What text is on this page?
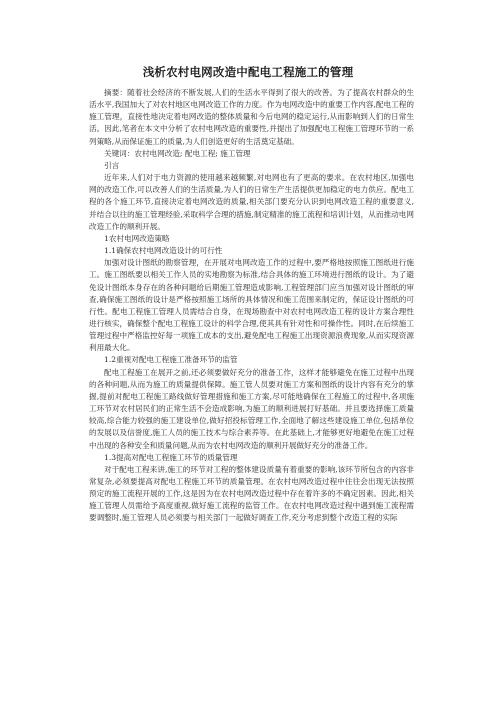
浅析农村电网改造中配电工程施工的管理

摘要：随着社会经济的不断发展,人们的生活水平得到了很大的改善。为了提高农村群众的生活水平,我国加大了对农村地区电网改造工作的力度。作为电网改造中的重要工作内容,配电工程的施工管理，直接性地决定着电网改造的整体质量和今后电网的稳定运行,从而影响到人们的日常生活。因此,笔者在本文中分析了农村电网改造的重要性,并提出了加强配电工程施工管理环节的一系列策略,从而保证施工的质量,为人们创造更好的生活奠定基础。

关键词：农村电网改造; 配电工程; 施工管理

引言

近年来,人们对于电力资源的使用越来越频繁,对电网也有了更高的要求。在农村地区,加强电网的改造工作,可以改善人们的生活质量,为人们的日常生产生活提供更加稳定的电力供应。配电工程的各个施工环节,直接决定着电网改造的质量,相关部门要充分认识到电网改造工程的重要意义,并结合以往的施工管理经验,采取科学合理的措施,制定精准的施工流程和培训计划，从而推动电网改造工作的顺利开展。

1农村电网改造策略

1.1确保农村电网改造设计的可行性

加强对设计图纸的勘察管理，在开展对电网改造工作的过程中,要严格地按照施工图纸进行施工。施工图纸要以相关工作人员的实地勘察为标准,结合具体的施工环境进行图纸的设计。为了避免设计图纸本身存在的各种问题给后期施工管理造成影响,工程管理部门应当加强对设计图纸的审查,确保施工图纸的设计是严格按照施工场所的具体情况和施工范围来制定的，保证设计图纸的可行性。配电工程施工管理人员需结合自身，在现场勘查中对农村电网改造工程的设计方案合理性进行核实，确保整个配电工程施工设计的科学合理,使其具有针对性和可操作性。同时,在后续施工管理过程中严格监控好每一项施工成本的支出,避免配电工程施工出现资源浪费现象,从而实现资源利用最大化。

1.2重视对配电工程施工准备环节的监管

配电工程施工在展开之前,还必须要做好充分的准备工作，这样才能够避免在施工过程中出现的各种问题,从而为施工的质量提供保障。施工管人员要对施工方案和图纸的设计内容有充分的掌握,提前对配电工程施工路线做好管理措施和施工方案,尽可能地确保在工程施工的过程中,各项施工环节对农村居民们的正常生活不会造成影响,为施工的顺利进展打好基础。并且要选择施工质量较高,综合能力较强的施工建设单位,做好招投标管理工作,全面地了解这些建设施工单位,包括单位的发展以及信誉度,施工人员的施工技术与综合素养等。在此基础上,才能够更好地避免在施工过程中出现的各种安全和质量问题,从而为农村电网改造的顺利开展做好充分的准备工作。

1.3提高对配电工程施工环节的质量管理

对于配电工程来讲,施工的环节对工程的整体建设质量有着重要的影响,该环节所包含的内容非常复杂,必须要提高对配电工程施工环节的质量管理。在农村电网改造过程中往往会出现无法按照预定的施工流程开展的工作,这是因为在农村电网改造过程中存在着许多的不确定因素。因此,相关施工管理人员需给予高度重视,做好施工流程的监管工作。在农村电网改造过程中遇到施工流程需要调整时,施工管理人员必须要与相关部门一起做好调查工作,充分考虑到整个改造工程的实际
